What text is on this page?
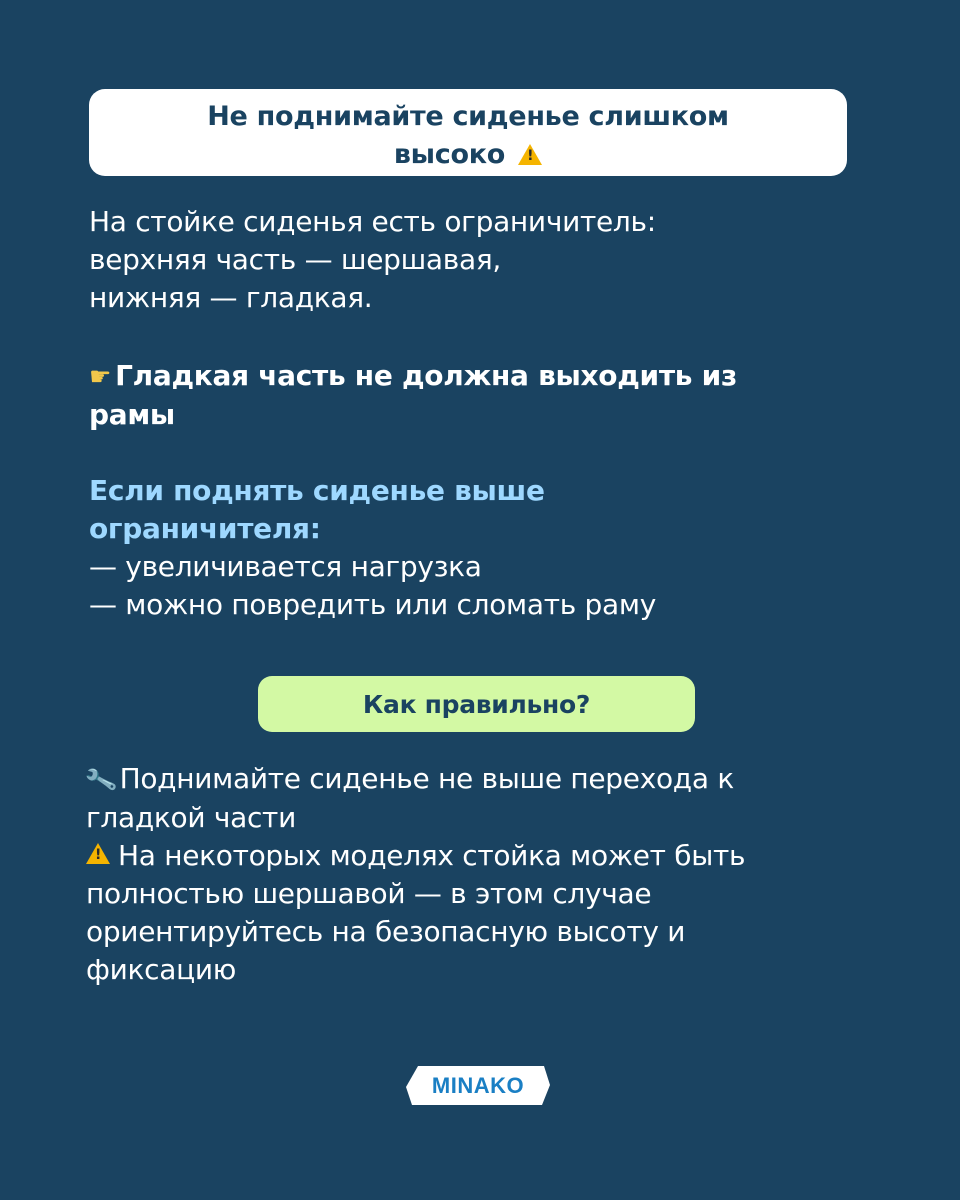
Не поднимайте сиденье слишком
высоко !

На стойке сиденья есть ограничитель:

верхняя часть — шершавая,

нижняя — гладкая.

☛ Гладкая часть не должна выходить из

рамы

Если поднять сиденье выше

ограничителя:

— увеличивается нагрузка

— можно повредить или сломать раму

Как правильно?

🔧Поднимайте сиденье не выше перехода к

гладкой части

!На некоторых моделях стойка может быть

полностью шершавой — в этом случае

ориентируйтесь на безопасную высоту и

фиксацию

MINAKO
